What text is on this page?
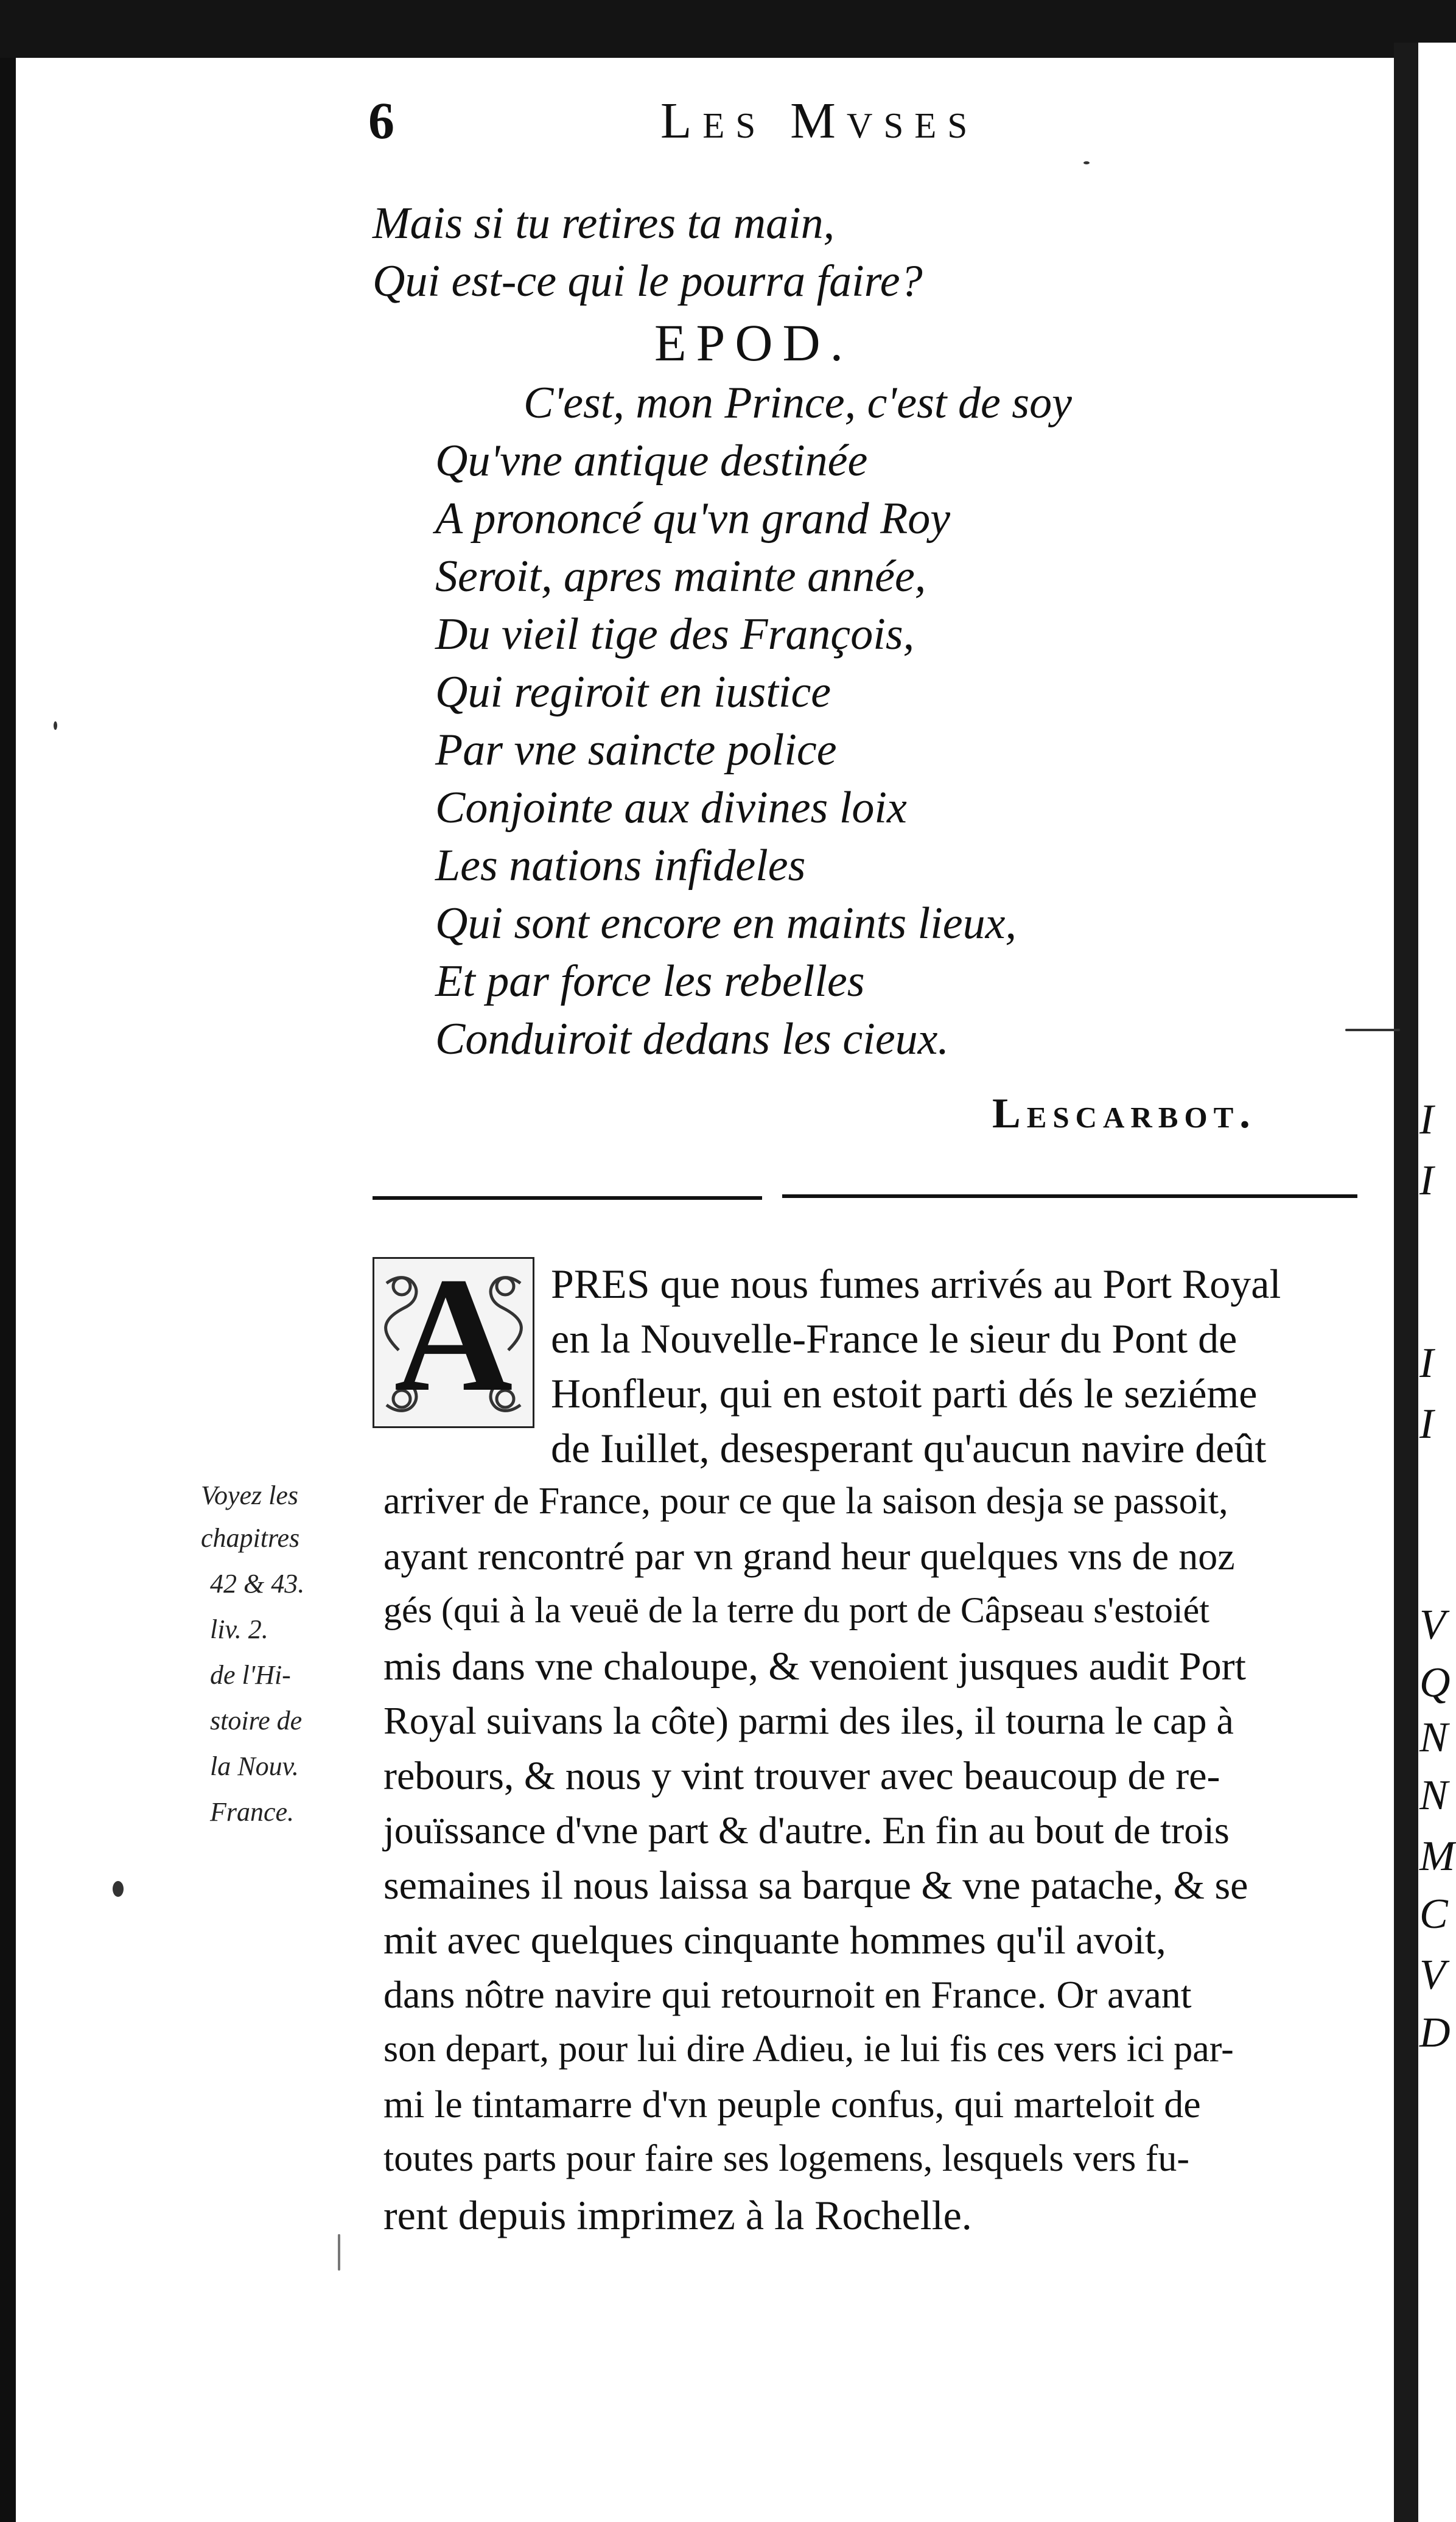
I
I
I
I
V
Q
N
N
M
C
V
D
6	Les Mvses
Mais si tu retires ta main,
Qui est-ce qui le pourra faire?
EPOD.
C'est, mon Prince, c'est de soy
Qu'vne antique destinée
A prononcé qu'vn grand Roy
Seroit, apres mainte année,
Du vieil tige des François,
Qui regiroit en iustice
Par vne saincte police
Conjointe aux divines loix
Les nations infideles
Qui sont encore en maints lieux,
Et par force les rebelles
Conduiroit dedans les cieux.
Lescarbot.
A PRES que nous fumes arrivés au Port Royal
en la Nouvelle-France le sieur du Pont de
Honfleur, qui en estoit parti dés le seziéme
de Iuillet, desesperant qu'aucun navire deût
arriver de France, pour ce que la saison desja se passoit,
ayant rencontré par vn grand heur quelques vns de noz
gés (qui à la veuë de la terre du port de Câpseau s'estoiét
mis dans vne chaloupe, & venoient jusques audit Port
Royal suivans la côte) parmi des iles, il tourna le cap à
rebours, & nous y vint trouver avec beaucoup de re-
jouïssance d'vne part & d'autre. En fin au bout de trois
semaines il nous laissa sa barque & vne patache, & se
mit avec quelques cinquante hommes qu'il avoit,
dans nôtre navire qui retournoit en France. Or avant
son depart, pour lui dire Adieu, ie lui fis ces vers ici par-
mi le tintamarre d'vn peuple confus, qui marteloit de
toutes parts pour faire ses logemens, lesquels vers fu-
rent depuis imprimez à la Rochelle.
Voyez les
chapitres
42 & 43.
liv. 2.
de l'Hi-
stoire de
la Nouv.
France.
